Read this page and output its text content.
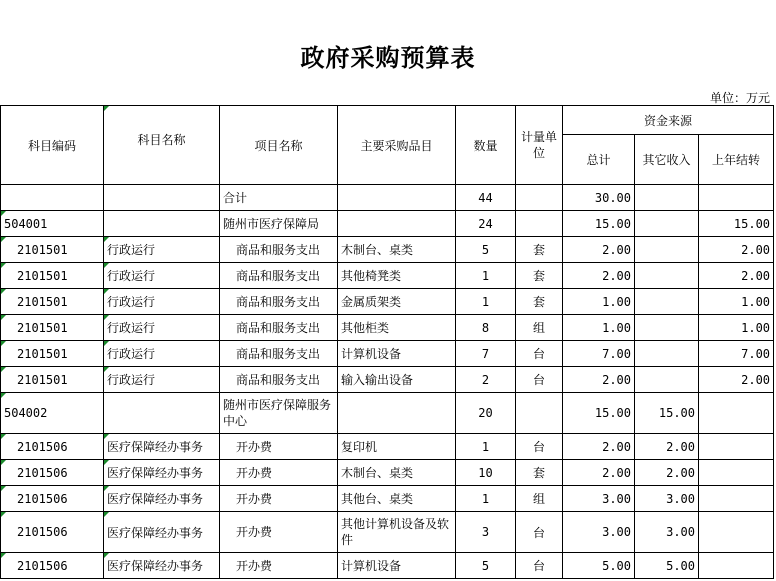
政府采购预算表
单位：万元
科目编码	科目名称	项目名称	主要采购品目	数量	计量单位	资金来源		
						总计	其它收入	上年结转
		合计		44		30.00		
504001		随州市医疗保障局		24		15.00		15.00
2101501	行政运行	商品和服务支出	木制台、桌类	5	套	2.00		2.00
2101501	行政运行	商品和服务支出	其他椅凳类	1	套	2.00		2.00
2101501	行政运行	商品和服务支出	金属质架类	1	套	1.00		1.00
2101501	行政运行	商品和服务支出	其他柜类	8	组	1.00		1.00
2101501	行政运行	商品和服务支出	计算机设备	7	台	7.00		7.00
2101501	行政运行	商品和服务支出	输入输出设备	2	台	2.00		2.00
504002		随州市医疗保障服务中心		20		15.00	15.00	
2101506	医疗保障经办事务	开办费	复印机	1	台	2.00	2.00	
2101506	医疗保障经办事务	开办费	木制台、桌类	10	套	2.00	2.00	
2101506	医疗保障经办事务	开办费	其他台、桌类	1	组	3.00	3.00	
2101506	医疗保障经办事务	开办费	其他计算机设备及软件	3	台	3.00	3.00	
2101506	医疗保障经办事务	开办费	计算机设备	5	台	5.00	5.00	
